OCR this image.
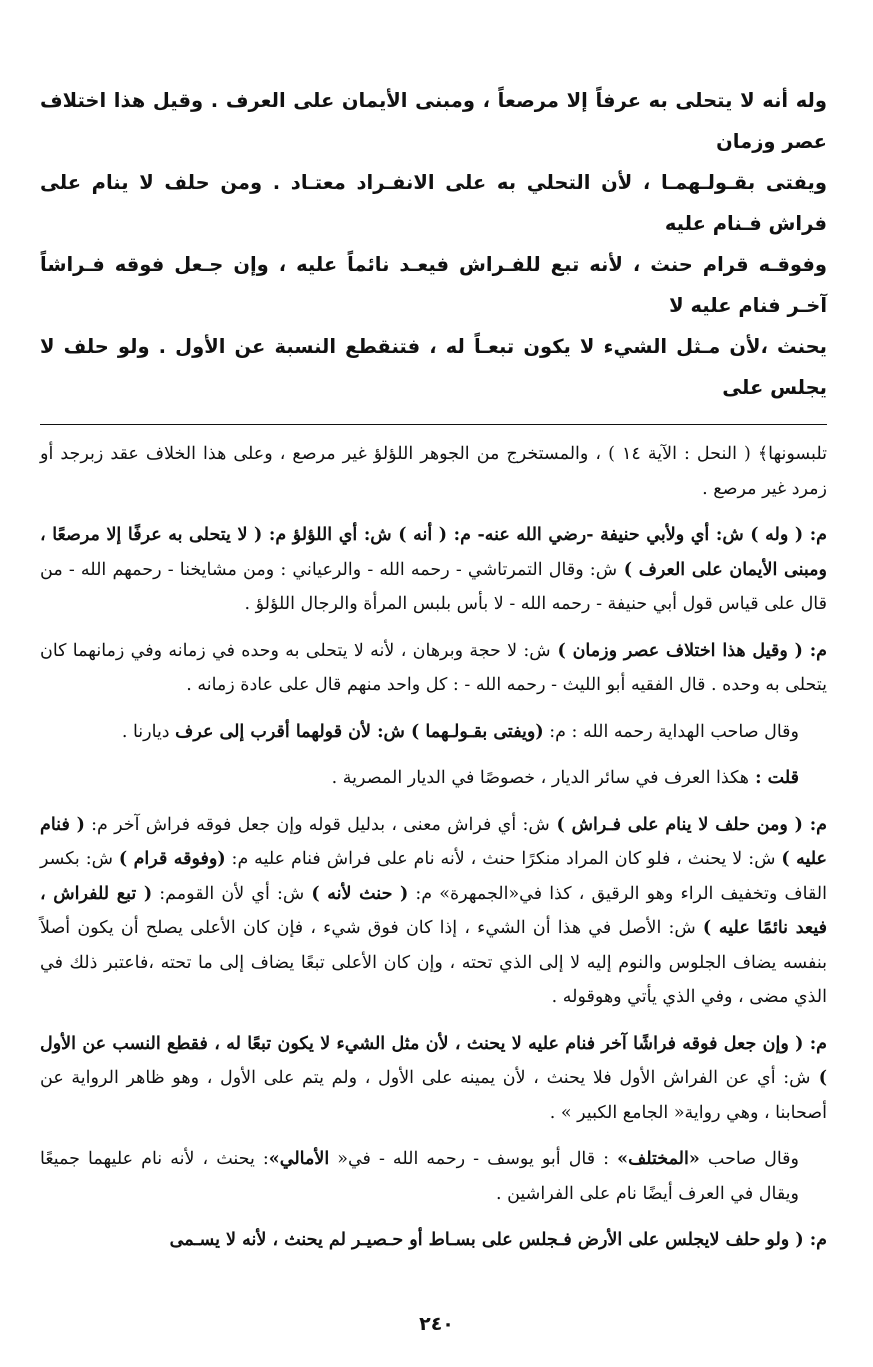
وله أنه لا يتحلى به عرفاً إلا مرصعاً ، ومبنى الأيمان على العرف . وقيل هذا اختلاف عصر وزمان

ويفتى بقـولـهمـا ، لأن التحلي به على الانفـراد معتـاد . ومن حلف لا ينام على فراش فـنام عليه

وفوقـه قرام حنث ، لأنه تبع للفـراش فيعـد نائماً عليه ، وإن جـعل فوقه فـراشاً آخـر فنام عليه لا

يحنث ،لأن مـثل الشيء لا يكون تبعـاً له ، فتنقطع النسبة عن الأول . ولو حلف لا يجلس على

تلبسونها﴾ ( النحل : الآية ١٤ ) ، والمستخرج من الجوهر اللؤلؤ غير مرصع ، وعلى هذا الخلاف عقد زبرجد أو زمرد غير مرصع .

م: ( وله ) ش: أي ولأبي حنيفة -رضي الله عنه- م: ( أنه ) ش: أي اللؤلؤ م: ( لا يتحلى به عرفًا إلا مرصعًا ، ومبنى الأيمان على العرف ) ش: وقال التمرتاشي - رحمه الله - والرعياني : ومن مشايخنا - رحمهم الله - من قال على قياس قول أبي حنيفة - رحمه الله - لا بأس بلبس المرأة والرجال اللؤلؤ .

م: ( وقيل هذا اختلاف عصر وزمان ) ش: لا حجة وبرهان ، لأنه لا يتحلى به وحده في زمانه وفي زمانهما كان يتحلى به وحده . قال الفقيه أبو الليث - رحمه الله - : كل واحد منهم قال على عادة زمانه .

وقال صاحب الهداية رحمه الله : م: (ويفتى بقـولـهما ) ش: لأن قولهما أقرب إلى عرف ديارنا .

قلت : هكذا العرف في سائر الديار ، خصوصًا في الديار المصرية .

م: ( ومن حلف لا ينام على فـراش ) ش: أي فراش معنى ، بدليل قوله وإن جعل فوقه فراش آخر م: ( فنام عليه ) ش: لا يحنث ، فلو كان المراد منكرًا حنث ، لأنه نام على فراش فنام عليه م: (وفوقه قرام ) ش: بكسر القاف وتخفيف الراء وهو الرقيق ، كذا في«الجمهرة» م: ( حنث لأنه ) ش: أي لأن القومم: ( تبع للفراش ، فيعد نائمًا عليه ) ش: الأصل في هذا أن الشيء ، إذا كان فوق شيء ، فإن كان الأعلى يصلح أن يكون أصلاً بنفسه يضاف الجلوس والنوم إليه لا إلى الذي تحته ، وإن كان الأعلى تبعًا يضاف إلى ما تحته ،فاعتبر ذلك في الذي مضى ، وفي الذي يأتي وهوقوله .

م: ( وإن جعل فوقه فراشًا آخر فنام عليه لا يحنث ، لأن مثل الشيء لا يكون تبعًا له ، فقطع النسب عن الأول ) ش: أي عن الفراش الأول فلا يحنث ، لأن يمينه على الأول ، ولم يتم على الأول ، وهو ظاهر الرواية عن أصحابنا ، وهي رواية« الجامع الكبير » .

وقال صاحب «المختلف» : قال أبو يوسف - رحمه الله - في« الأمالي»: يحنث ، لأنه نام عليهما جميعًا ويقال في العرف أيضًا نام على الفراشين .

م: ( ولو حلف لايجلس على الأرض فـجلس على بسـاط أو حـصيـر لم يحنث ، لأنه لا يسـمى

٢٤٠
